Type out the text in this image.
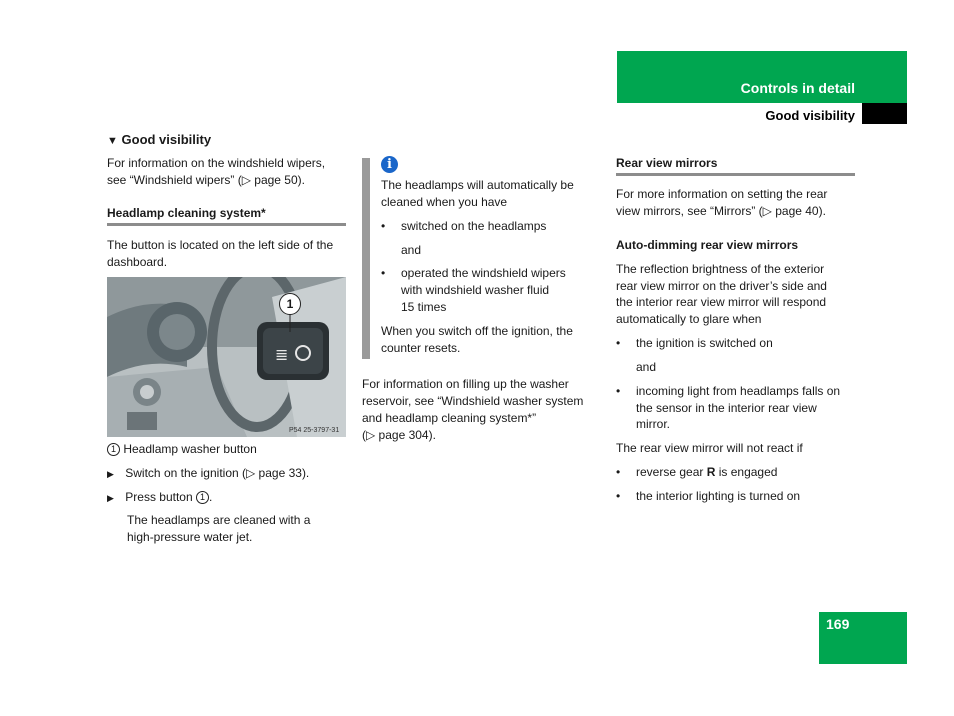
Controls in detail
Good visibility
169
▼ Good visibility
For information on the windshield wipers,
see “Windshield wipers” (▷ page 50).
Headlamp cleaning system*
The button is located on the left side of the
dashboard.
≣
1
P54 25-3797-31
1 Headlamp washer button
▶ Switch on the ignition (▷ page 33).
▶ Press button 1 .
The headlamps are cleaned with a
high-pressure water jet.
i
The headlamps will automatically be
cleaned when you have
• switched on the headlamps
and
• operated the windshield wipers
with windshield washer fluid
15 times
When you switch off the ignition, the
counter resets.
For information on filling up the washer
reservoir, see “Windshield washer system
and headlamp cleaning system*”
(▷ page 304).
Rear view mirrors
For more information on setting the rear
view mirrors, see “Mirrors” (▷ page 40).
Auto-dimming rear view mirrors
The reflection brightness of the exterior
rear view mirror on the driver’s side and
the interior rear view mirror will respond
automatically to glare when
• the ignition is switched on
and
• incoming light from headlamps falls on
the sensor in the interior rear view
mirror.
The rear view mirror will not react if
• reverse gear R is engaged
• the interior lighting is turned on
